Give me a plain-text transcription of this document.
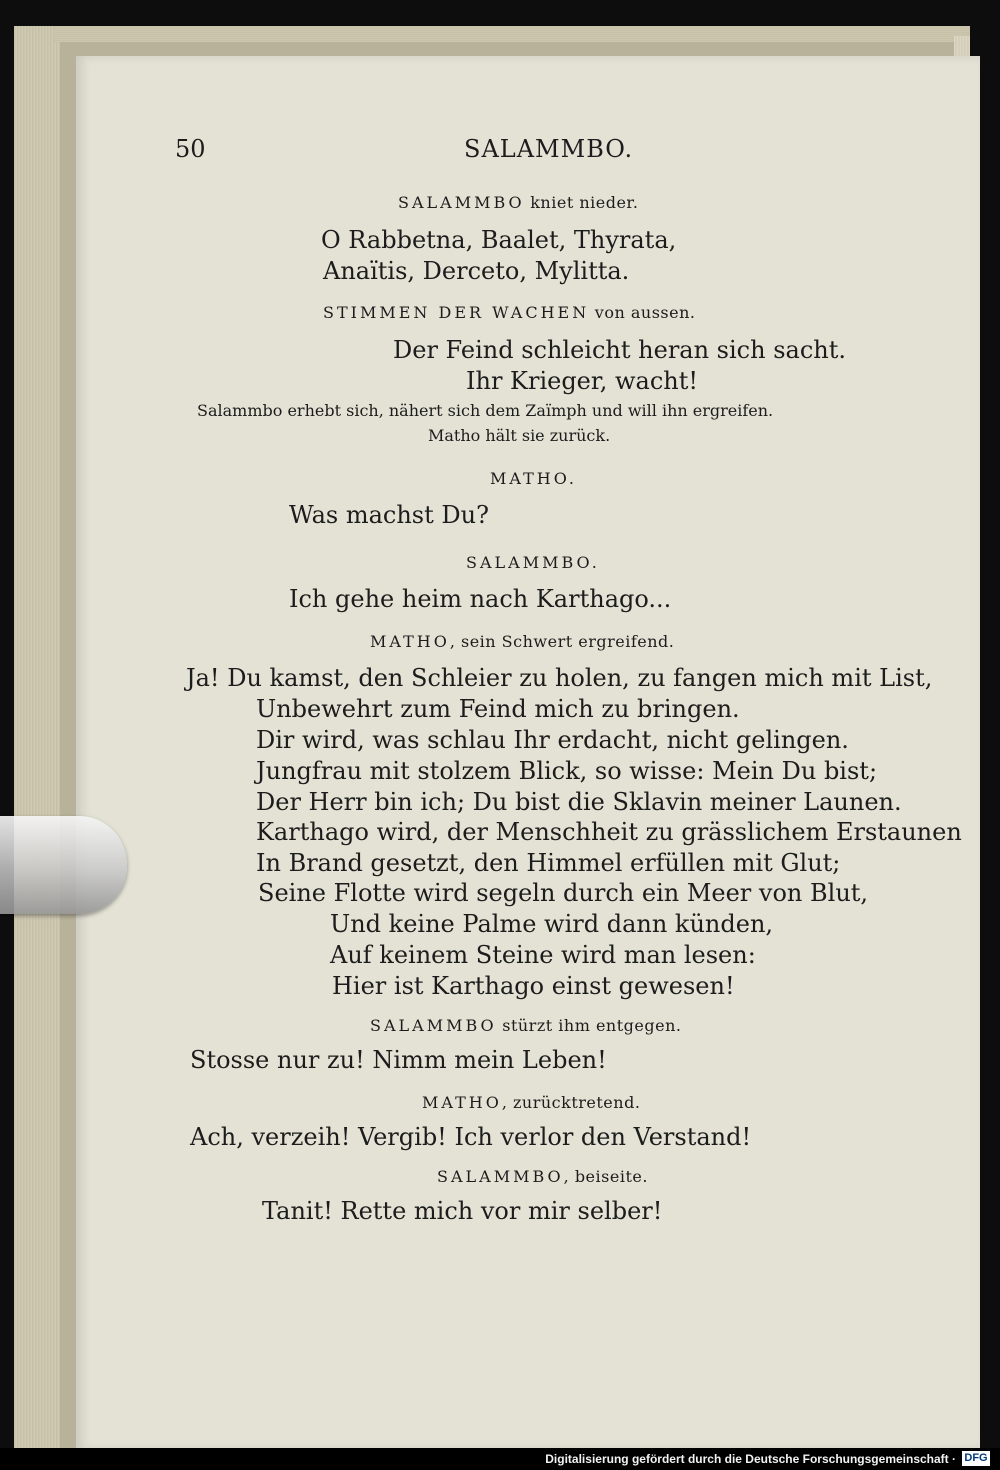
50	SALAMMBO.
SALAMMBO kniet nieder.
O Rabbetna, Baalet, Thyrata,
Anaïtis, Derceto, Mylitta.
STIMMEN DER WACHEN von aussen.
Der Feind schleicht heran sich sacht.
Ihr Krieger, wacht!
Salammbo erhebt sich, nähert sich dem Zaïmph und will ihn ergreifen.
Matho hält sie zurück.
MATHO.
Was machst Du?
SALAMMBO.
Ich gehe heim nach Karthago...
MATHO, sein Schwert ergreifend.
Ja! Du kamst, den Schleier zu holen, zu fangen mich mit List,
Unbewehrt zum Feind mich zu bringen.
Dir wird, was schlau Ihr erdacht, nicht gelingen.
Jungfrau mit stolzem Blick, so wisse: Mein Du bist;
Der Herr bin ich; Du bist die Sklavin meiner Launen.
Karthago wird, der Menschheit zu grässlichem Erstaunen
In Brand gesetzt, den Himmel erfüllen mit Glut;
Seine Flotte wird segeln durch ein Meer von Blut,
Und keine Palme wird dann künden,
Auf keinem Steine wird man lesen:
Hier ist Karthago einst gewesen!
SALAMMBO stürzt ihm entgegen.
Stosse nur zu! Nimm mein Leben!
MATHO, zurücktretend.
Ach, verzeih! Vergib! Ich verlor den Verstand!
SALAMMBO, beiseite.
Tanit! Rette mich vor mir selber!
Digitalisierung gefördert durch die Deutsche Forschungsgemeinschaft · DFG
